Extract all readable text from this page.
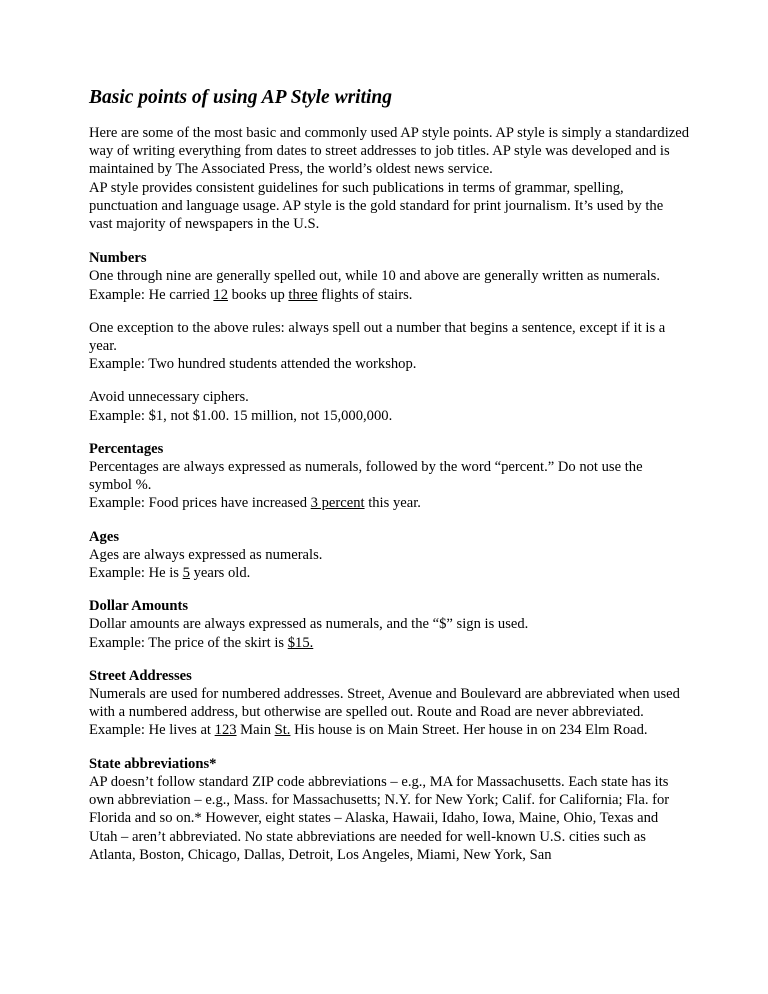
Basic points of using AP Style writing

Here are some of the most basic and commonly used AP style points. AP style is simply a standardized way of writing everything from dates to street addresses to job titles. AP style was developed and is maintained by The Associated Press, the world’s oldest news service.
AP style provides consistent guidelines for such publications in terms of grammar, spelling, punctuation and language usage. AP style is the gold standard for print journalism. It’s used by the vast majority of newspapers in the U.S.

Numbers
One through nine are generally spelled out, while 10 and above are generally written as numerals.
Example: He carried 12 books up three flights of stairs.

One exception to the above rules: always spell out a number that begins a sentence, except if it is a year.
Example: Two hundred students attended the workshop.

Avoid unnecessary ciphers.
Example: $1, not $1.00. 15 million, not 15,000,000.

Percentages
Percentages are always expressed as numerals, followed by the word “percent.” Do not use the symbol %.
Example: Food prices have increased 3 percent this year.

Ages
Ages are always expressed as numerals.
Example: He is 5 years old.

Dollar Amounts
Dollar amounts are always expressed as numerals, and the “$” sign is used.
Example: The price of the skirt is $15.

Street Addresses
Numerals are used for numbered addresses. Street, Avenue and Boulevard are abbreviated when used with a numbered address, but otherwise are spelled out. Route and Road are never abbreviated.
Example: He lives at 123 Main St. His house is on Main Street. Her house in on 234 Elm Road.

State abbreviations*
AP doesn’t follow standard ZIP code abbreviations – e.g., MA for Massachusetts. Each state has its own abbreviation – e.g., Mass. for Massachusetts; N.Y. for New York; Calif. for California; Fla. for Florida and so on.* However, eight states – Alaska, Hawaii, Idaho, Iowa, Maine, Ohio, Texas and Utah – aren’t abbreviated. No state abbreviations are needed for well-known U.S. cities such as Atlanta, Boston, Chicago, Dallas, Detroit, Los Angeles, Miami, New York, San
